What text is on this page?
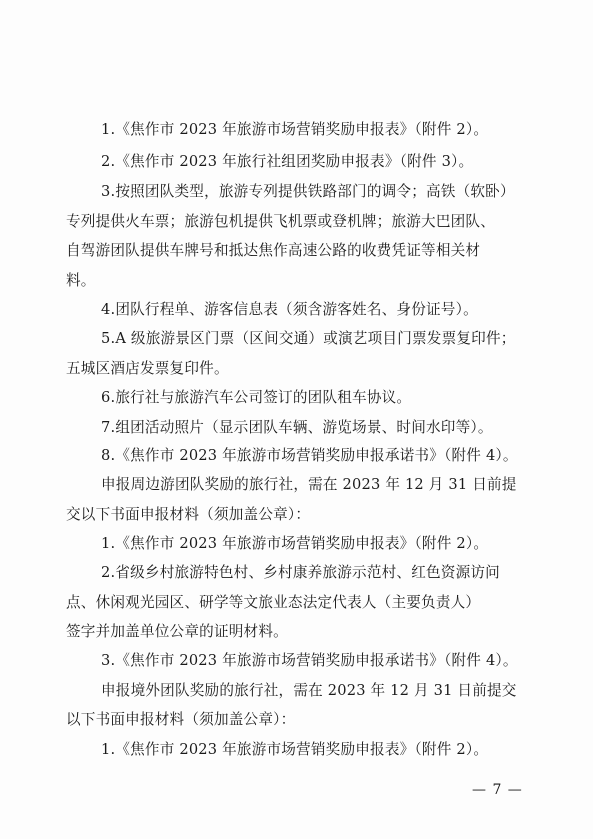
1.《焦作市 2023 年旅游市场营销奖励申报表》（附件 2）。
2.《焦作市 2023 年旅行社组团奖励申报表》（附件 3）。
3.按照团队类型，旅游专列提供铁路部门的调令；高铁（软卧）
专列提供火车票；旅游包机提供飞机票或登机牌；旅游大巴团队、
自驾游团队提供车牌号和抵达焦作高速公路的收费凭证等相关材
料。
4.团队行程单、游客信息表（须含游客姓名、身份证号）。
5.A 级旅游景区门票（区间交通）或演艺项目门票发票复印件；
五城区酒店发票复印件。
6.旅行社与旅游汽车公司签订的团队租车协议。
7.组团活动照片（显示团队车辆、游览场景、时间水印等）。
8.《焦作市 2023 年旅游市场营销奖励申报承诺书》（附件 4）。
申报周边游团队奖励的旅行社，需在 2023 年 12 月 31 日前提
交以下书面申报材料（须加盖公章）：
1.《焦作市 2023 年旅游市场营销奖励申报表》（附件 2）。
2.省级乡村旅游特色村、乡村康养旅游示范村、红色资源访问
点、休闲观光园区、研学等文旅业态法定代表人（主要负责人）
签字并加盖单位公章的证明材料。
3.《焦作市 2023 年旅游市场营销奖励申报承诺书》（附件 4）。
申报境外团队奖励的旅行社，需在 2023 年 12 月 31 日前提交
以下书面申报材料（须加盖公章）：
1.《焦作市 2023 年旅游市场营销奖励申报表》（附件 2）。
— 7 —
